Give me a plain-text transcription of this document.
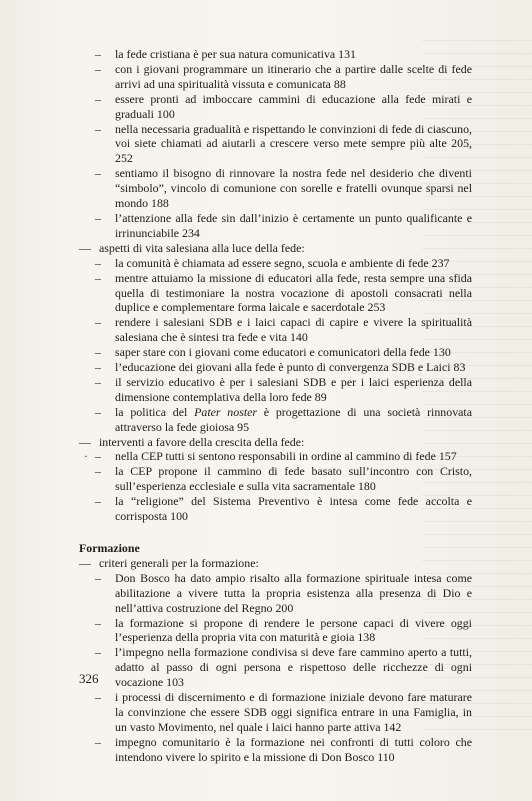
– la fede cristiana è per sua natura comunicativa 131

– con i giovani programmare un itinerario che a partire dalle scelte di fede arrivi ad una spiritualità vissuta e comunicata 88

– essere pronti ad imboccare cammini di educazione alla fede mirati e graduali 100

– nella necessaria gradualità e rispettando le convinzioni di fede di ciascuno, voi siete chiamati ad aiutarli a crescere verso mete sempre più alte 205, 252

– sentiamo il bisogno di rinnovare la nostra fede nel desiderio che diventi “simbolo”, vincolo di comunione con sorelle e fratelli ovunque sparsi nel mondo 188

– l’attenzione alla fede sin dall’inizio è certamente un punto qualificante e irrinunciabile 234

— aspetti di vita salesiana alla luce della fede:

– la comunità è chiamata ad essere segno, scuola e ambiente di fede 237

– mentre attuiamo la missione di educatori alla fede, resta sempre una sfida quella di testimoniare la nostra vocazione di apostoli consacrati nella duplice e complementare forma laicale e sacerdotale 253

– rendere i salesiani SDB e i laici capaci di capire e vivere la spiritualità salesiana che è sintesi tra fede e vita 140

– saper stare con i giovani come educatori e comunicatori della fede 130

– l’educazione dei giovani alla fede è punto di convergenza SDB e Laici 83

– il servizio educativo è per i salesiani SDB e per i laici esperienza della dimensione contemplativa della loro fede 89

– la politica del Pater noster è progettazione di una società rinnovata attraverso la fede gioiosa 95

— interventi a favore della crescita della fede:

· – nella CEP tutti si sentono responsabili in ordine al cammino di fede 157

– la CEP propone il cammino di fede basato sull’incontro con Cristo, sull’esperienza ecclesiale e sulla vita sacramentale 180

– la “religione” del Sistema Preventivo è intesa come fede accolta e corrisposta 100

Formazione

— criteri generali per la formazione:

– Don Bosco ha dato ampio risalto alla formazione spirituale intesa come abilitazione a vivere tutta la propria esistenza alla presenza di Dio e nell’attiva costruzione del Regno 200

– la formazione si propone di rendere le persone capaci di vivere oggi l’esperienza della propria vita con maturità e gioia 138

– l’impegno nella formazione condivisa si deve fare cammino aperto a tutti, adatto al passo di ogni persona e rispettoso delle ricchezze di ogni vocazione 103

– i processi di discernimento e di formazione iniziale devono fare maturare la convinzione che essere SDB oggi significa entrare in una Famiglia, in un vasto Movimento, nel quale i laici hanno parte attiva 142

– impegno comunitario è la formazione nei confronti di tutti coloro che intendono vivere lo spirito e la missione di Don Bosco 110

326
